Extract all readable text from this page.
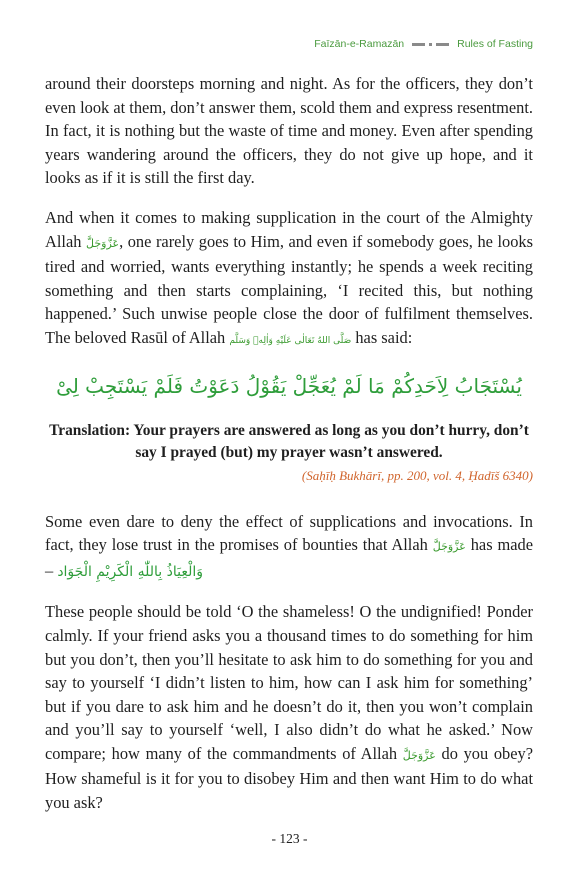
Faīzān-e-Ramazān	Rules of Fasting

around their doorsteps morning and night. As for the officers, they don’t even look at them, don’t answer them, scold them and express resentment. In fact, it is nothing but the waste of time and money. Even after spending years wandering around the officers, they do not give up hope, and it looks as if it is still the first day.

And when it comes to making supplication in the court of the Almighty Allah عَزَّوَجَلَّ, one rarely goes to Him, and even if somebody goes, he looks tired and worried, wants everything instantly; he spends a week reciting something and then starts complaining, ‘I recited this, but nothing happened.’ Such unwise people close the door of fulfilment themselves. The beloved Rasūl of Allah صَلَّى اللهُ تَعَالٰى عَلَيْهِ وَاٰلِهٖ وَسَلَّم has said:

يُسْتَجَابُ لِاَحَدِكُمْ مَا لَمْ يُعَجِّلْ يَقُوْلُ دَعَوْتُ فَلَمْ يَسْتَجِبْ لِىْ
Translation: Your prayers are answered as long as you don’t hurry, don’t say I prayed (but) my prayer wasn’t answered.
(Saḥīḥ Bukhārī, pp. 200, vol. 4, Ḥadīš 6340)

Some even dare to deny the effect of supplications and invocations. In fact, they lose trust in the promises of bounties that Allah عَزَّوَجَلَّ has made – وَالْعِيَاذُ بِاللّٰهِ الْكَرِيْمِ الْجَوَاد

These people should be told ‘O the shameless! O the undignified! Ponder calmly. If your friend asks you a thousand times to do something for him but you don’t, then you’ll hesitate to ask him to do something for you and say to yourself ‘I didn’t listen to him, how can I ask him for something’ but if you dare to ask him and he doesn’t do it, then you won’t complain and you’ll say to yourself ‘well, I also didn’t do what he asked.’ Now compare; how many of the commandments of Allah عَزَّوَجَلَّ do you obey? How shameful is it for you to disobey Him and then want Him to do what you ask?

- 123 -
